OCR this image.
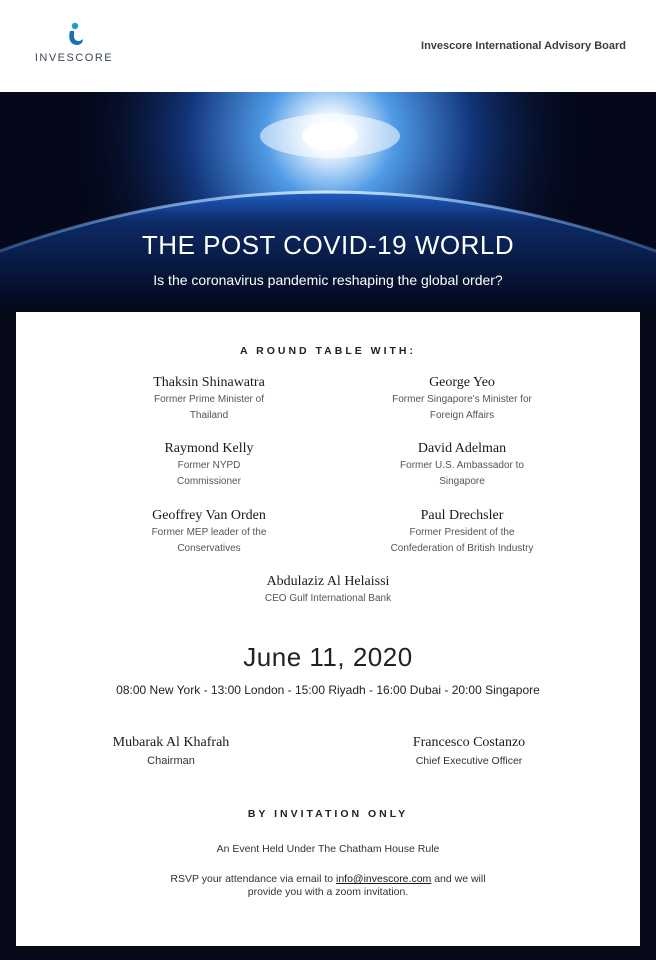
INVESCORE
Invescore International Advisory Board
THE POST COVID-19 WORLD
Is the coronavirus pandemic reshaping the global order?
A ROUND TABLE WITH:
Thaksin Shinawatra
Former Prime Minister of
Thailand
George Yeo
Former Singapore's Minister for
Foreign Affairs
Raymond Kelly
Former NYPD
Commissioner
David Adelman
Former U.S. Ambassador to
Singapore
Geoffrey Van Orden
Former MEP leader of the
Conservatives
Paul Drechsler
Former President of the
Confederation of British Industry
Abdulaziz Al Helaissi
CEO Gulf International Bank
June 11, 2020
08:00 New York - 13:00 London - 15:00 Riyadh - 16:00 Dubai - 20:00 Singapore
Mubarak Al Khafrah
Chairman
Francesco Costanzo
Chief Executive Officer
BY INVITATION ONLY
An Event Held Under The Chatham House Rule
RSVP your attendance via email to info@invescore.com and we will
provide you with a zoom invitation.
